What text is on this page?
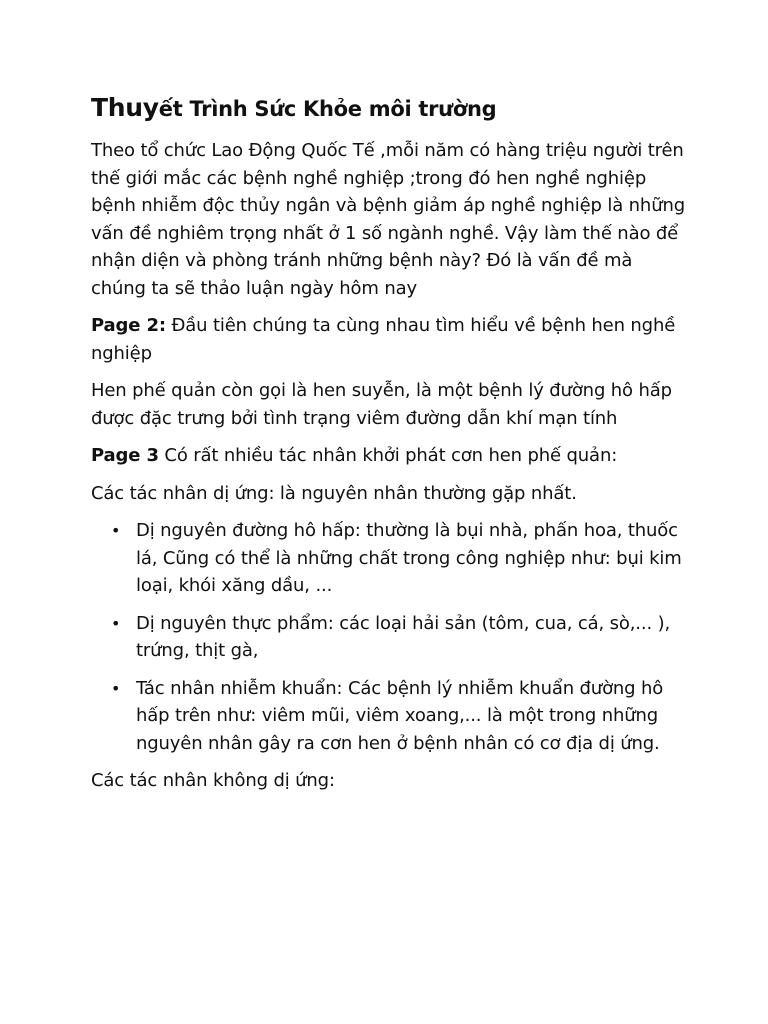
Thuyết Trình Sức Khỏe môi trường

Theo tổ chức Lao Động Quốc Tế ,mỗi năm có hàng triệu người trên thế giới mắc các bệnh nghề nghiệp ;trong đó hen nghề nghiệp bệnh nhiễm độc thủy ngân và bệnh giảm áp nghề nghiệp là những vấn đề nghiêm trọng nhất ở 1 số ngành nghề. Vậy làm thế nào để nhận diện và phòng tránh những bệnh này? Đó là vấn đề mà chúng ta sẽ thảo luận ngày hôm nay

Page 2: Đầu tiên chúng ta cùng nhau tìm hiểu về bệnh hen nghề nghiệp

Hen phế quản còn gọi là hen suyễn, là một bệnh lý đường hô hấp được đặc trưng bởi tình trạng viêm đường dẫn khí mạn tính

Page 3 Có rất nhiều tác nhân khởi phát cơn hen phế quản:

Các tác nhân dị ứng: là nguyên nhân thường gặp nhất.

• Dị nguyên đường hô hấp: thường là bụi nhà, phấn hoa, thuốc lá, Cũng có thể là những chất trong công nghiệp như: bụi kim loại, khói xăng dầu, ...
• Dị nguyên thực phẩm: các loại hải sản (tôm, cua, cá, sò,... ), trứng, thịt gà,
• Tác nhân nhiễm khuẩn: Các bệnh lý nhiễm khuẩn đường hô hấp trên như: viêm mũi, viêm xoang,... là một trong những nguyên nhân gây ra cơn hen ở bệnh nhân có cơ địa dị ứng.

Các tác nhân không dị ứng:
